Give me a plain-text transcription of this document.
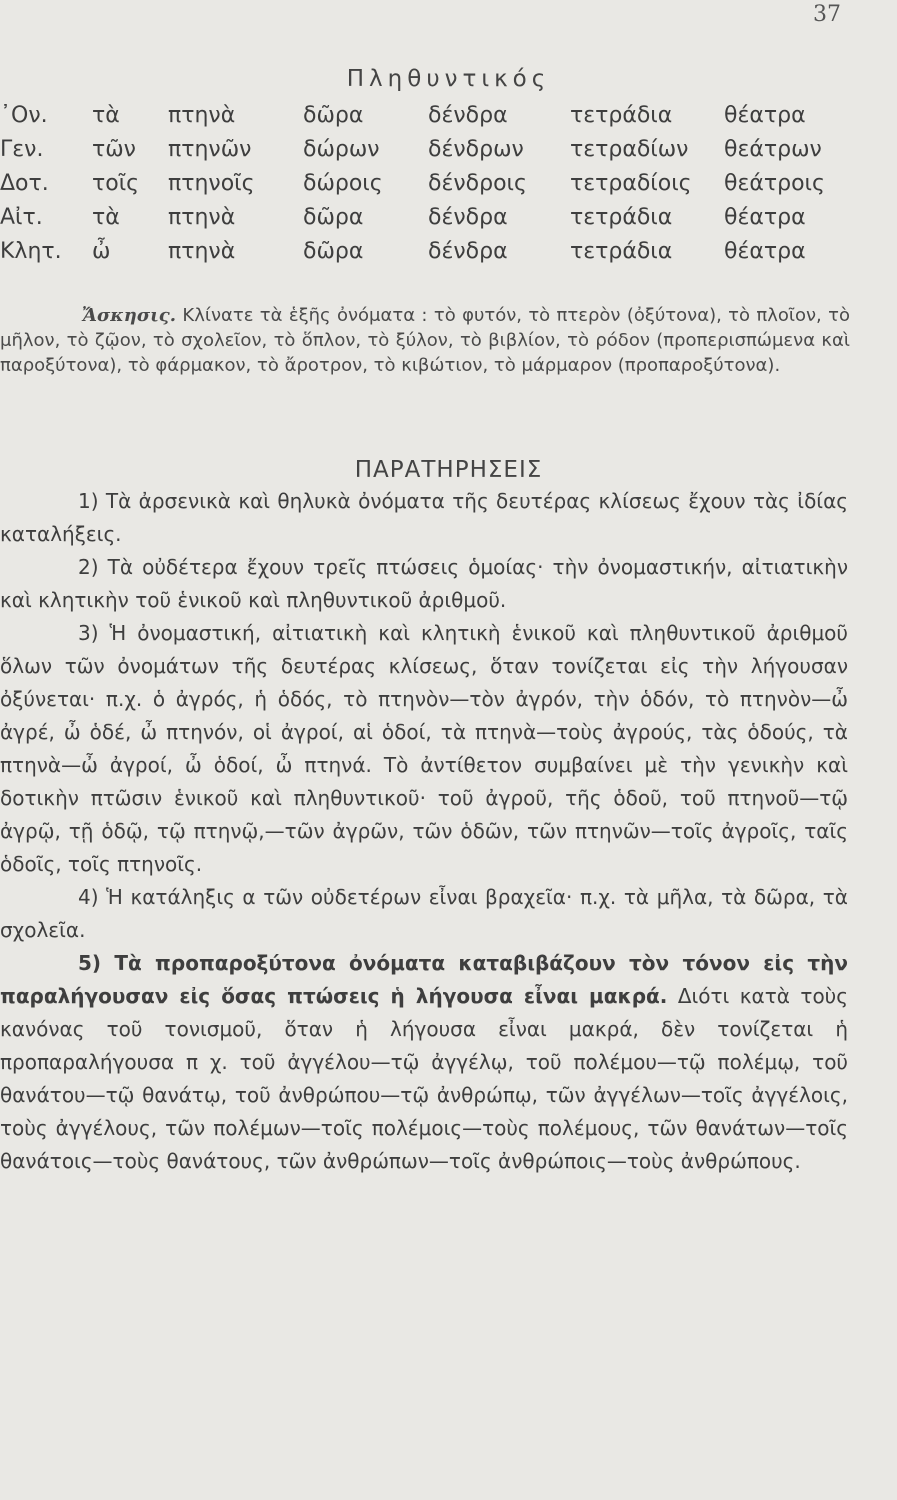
37
Πληθυντικός
᾿Ον. τὰ πτηνὰ	δῶρα	δένδρα	τετράδια θέατρα
Γεν. τῶν πτηνῶν δώρων δένδρων τετραδίων θεάτρων
Δοτ. τοῖς πτηνοῖς δώροις δένδροις τετραδίοις θεάτροις
Αἰτ. τὰ πτηνὰ	δῶρα	δένδρα	τετράδια θέατρα
Κλητ. ὦ	πτηνὰ	δῶρα	δένδρα	τετράδια θέατρα

Ἄσκησις. Κλίνατε τὰ ἑξῆς ὀνόματα : τὸ φυτόν, τὸ πτερὸν (ὀξύτονα), τὸ πλοῖον, τὸ μῆλον, τὸ ζῷον, τὸ σχολεῖον, τὸ ὅπλον, τὸ ξύλον, τὸ βιβλίον, τὸ ρόδον (προπερισπώμενα καὶ παροξύτονα), τὸ φάρμακον, τὸ ἄροτρον, τὸ κιβώτιον, τὸ μάρμαρον (προπαροξύτονα).

ΠΑΡΑΤΗΡΗΣΕΙΣ

1) Τὰ ἀρσενικὰ καὶ θηλυκὰ ὀνόματα τῆς δευτέρας κλίσεως ἔχουν τὰς ἰδίας καταλήξεις.

2) Τὰ οὐδέτερα ἔχουν τρεῖς πτώσεις ὁμοίας· τὴν ὀνομαστικήν, αἰτιατικὴν καὶ κλητικὴν τοῦ ἑνικοῦ καὶ πληθυντικοῦ ἀριθμοῦ.

3) Ἡ ὀνομαστική, αἰτιατικὴ καὶ κλητικὴ ἑνικοῦ καὶ πληθυντικοῦ ἀριθμοῦ ὅλων τῶν ὀνομάτων τῆς δευτέρας κλίσεως, ὅταν τονίζεται εἰς τὴν λήγουσαν ὀξύνεται· π.χ. ὁ ἀγρός, ἡ ὁδός, τὸ πτηνὸν—τὸν ἀγρόν, τὴν ὁδόν, τὸ πτηνὸν—ὦ ἀγρέ, ὦ ὁδέ, ὦ πτηνόν, οἱ ἀγροί, αἱ ὁδοί, τὰ πτηνὰ—τοὺς ἀγρούς, τὰς ὁδούς, τὰ πτηνὰ—ὦ ἀγροί, ὦ ὁδοί, ὦ πτηνά. Τὸ ἀντίθετον συμβαίνει μὲ τὴν γενικὴν καὶ δοτικὴν πτῶσιν ἑνικοῦ καὶ πληθυντικοῦ· τοῦ ἀγροῦ, τῆς ὁδοῦ, τοῦ πτηνοῦ—τῷ ἀγρῷ, τῇ ὁδῷ, τῷ πτηνῷ,—τῶν ἀγρῶν, τῶν ὁδῶν, τῶν πτηνῶν—τοῖς ἀγροῖς, ταῖς ὁδοῖς, τοῖς πτηνοῖς.

4) Ἡ κατάληξις α τῶν οὐδετέρων εἶναι βραχεῖα· π.χ. τὰ μῆλα, τὰ δῶρα, τὰ σχολεῖα.

5) Τὰ προπαροξύτονα ὀνόματα καταβιβάζουν τὸν τόνον εἰς τὴν παραλήγουσαν εἰς ὅσας πτώσεις ἡ λήγουσα εἶναι μακρά. Διότι κατὰ τοὺς κανόνας τοῦ τονισμοῦ, ὅταν ἡ λήγουσα εἶναι μακρά, δὲν τονίζεται ἡ προπαραλήγουσα π χ. τοῦ ἀγγέλου—τῷ ἀγγέλῳ, τοῦ πολέμου—τῷ πολέμῳ, τοῦ θανάτου—τῷ θανάτῳ, τοῦ ἀνθρώπου—τῷ ἀνθρώπῳ, τῶν ἀγγέλων—τοῖς ἀγγέλοις, τοὺς ἀγγέλους, τῶν πολέμων—τοῖς πολέμοις—τοὺς πολέμους, τῶν θανάτων—τοῖς θανάτοις—τοὺς θανάτους, τῶν ἀνθρώπων—τοῖς ἀνθρώποις—τοὺς ἀνθρώπους.
